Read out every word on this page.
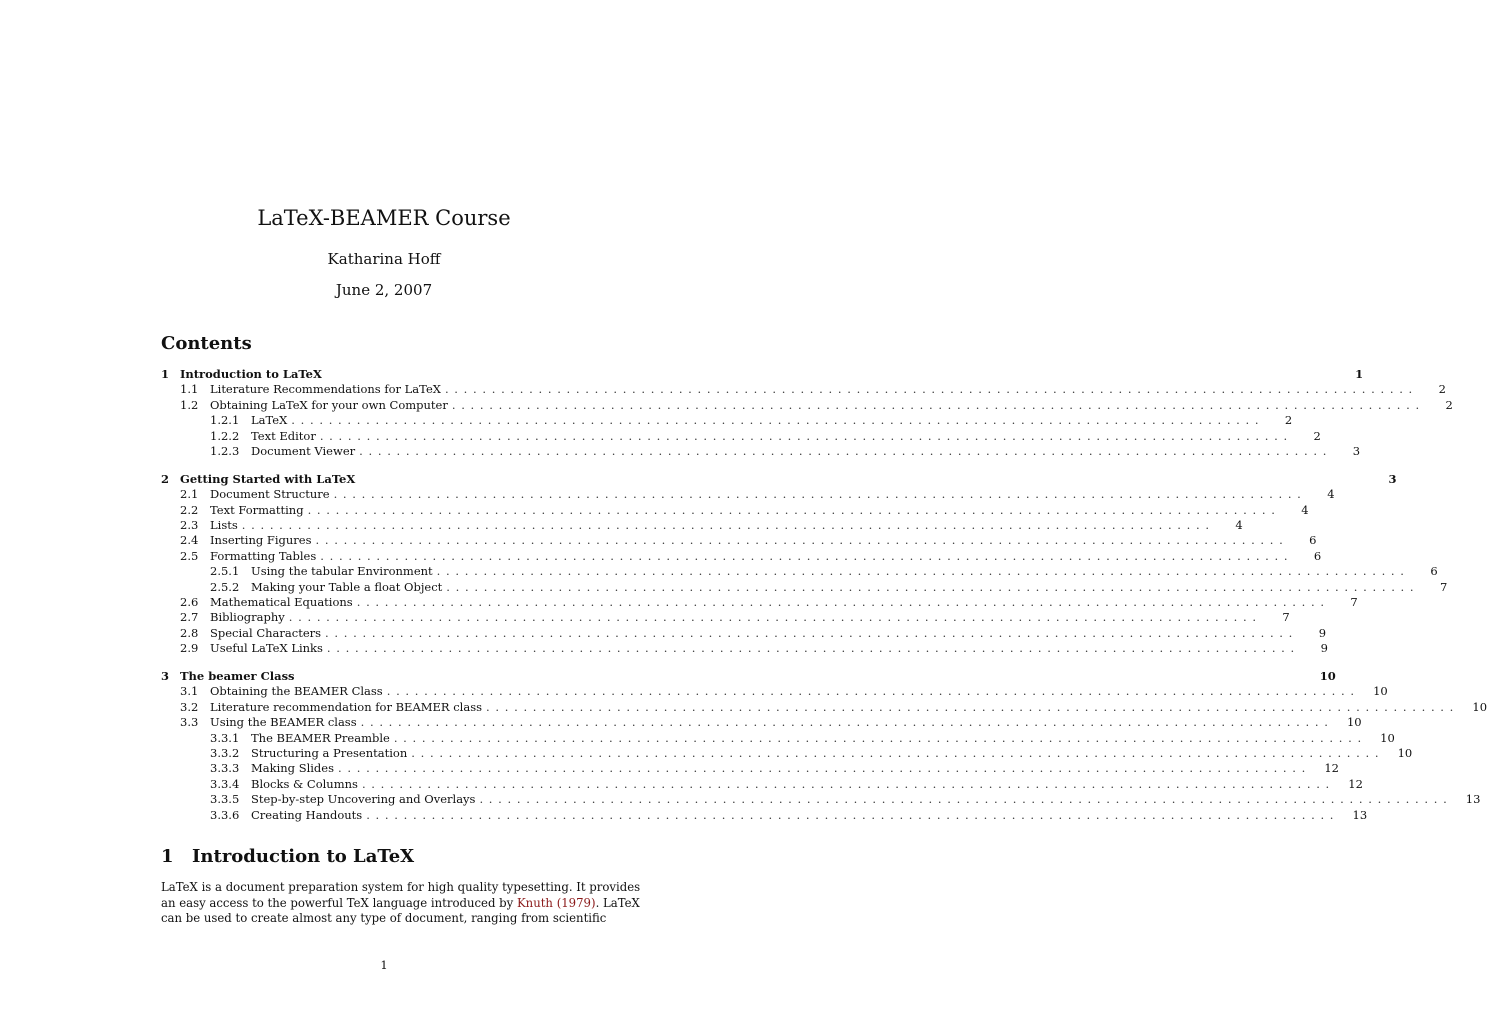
LaTeX-BEAMER Course
Katharina Hoff
June 2, 2007
Contents
1 Introduction to LaTeX	1
1.1	Literature Recommendations for LaTeX .....	2
1.2	Obtaining LaTeX for your own Computer .....	2
1.2.1	LaTeX .....	2
1.2.2	Text Editor .....	2
1.2.3	Document Viewer .....	3
2 Getting Started with LaTeX	3
2.1	Document Structure .....	4
2.2	Text Formatting .....	4
2.3	Lists .....	4
2.4	Inserting Figures .....	6
2.5	Formatting Tables .....	6
2.5.1	Using the tabular Environment .....	6
2.5.2	Making your Table a float Object .....	7
2.6	Mathematical Equations .....	7
2.7	Bibliography .....	7
2.8	Special Characters .....	9
2.9	Useful LaTeX Links .....	9
3 The beamer Class	10
3.1	Obtaining the BEAMER Class .....	10
3.2	Literature recommendation for BEAMER class .....	10
3.3	Using the BEAMER class .....	10
3.3.1	The BEAMER Preamble .....	10
3.3.2	Structuring a Presentation .....	10
3.3.3	Making Slides .....	12
3.3.4	Blocks & Columns .....	12
3.3.5	Step-by-step Uncovering and Overlays .....	13
3.3.6	Creating Handouts .....	13
1 Introduction to LaTeX
LaTeX is a document preparation system for high quality typesetting. It provides
an easy access to the powerful TeX language introduced by Knuth (1979). LaTeX
can be used to create almost any type of document, ranging from scientific
1
